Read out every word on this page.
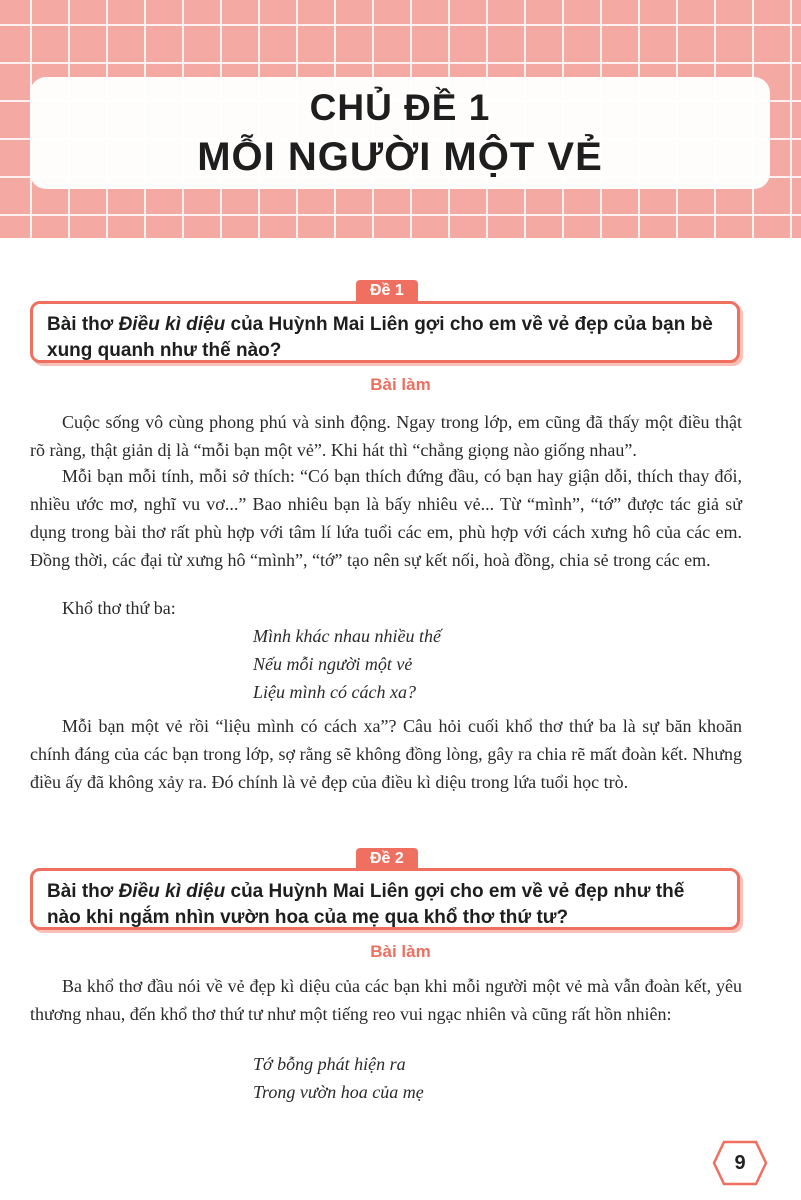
CHỦ ĐỀ 1
MỖI NGƯỜI MỘT VẺ
Đề 1
Bài thơ Điều kì diệu của Huỳnh Mai Liên gợi cho em về vẻ đẹp của bạn bè xung quanh như thế nào?
Bài làm

Cuộc sống vô cùng phong phú và sinh động. Ngay trong lớp, em cũng đã thấy một điều thật rõ ràng, thật giản dị là “mỗi bạn một vẻ”. Khi hát thì “chẳng giọng nào giống nhau”.

Mỗi bạn mỗi tính, mỗi sở thích: “Có bạn thích đứng đầu, có bạn hay giận dỗi, thích thay đổi, nhiều ước mơ, nghĩ vu vơ...” Bao nhiêu bạn là bấy nhiêu vẻ... Từ “mình”, “tớ” được tác giả sử dụng trong bài thơ rất phù hợp với tâm lí lứa tuổi các em, phù hợp với cách xưng hô của các em. Đồng thời, các đại từ xưng hô “mình”, “tớ” tạo nên sự kết nối, hoà đồng, chia sẻ trong các em.

Khổ thơ thứ ba:

Mình khác nhau nhiều thế

Nếu mỗi người một vẻ

Liệu mình có cách xa?

Mỗi bạn một vẻ rồi “liệu mình có cách xa”? Câu hỏi cuối khổ thơ thứ ba là sự băn khoăn chính đáng của các bạn trong lớp, sợ rằng sẽ không đồng lòng, gây ra chia rẽ mất đoàn kết. Nhưng điều ấy đã không xảy ra. Đó chính là vẻ đẹp của điều kì diệu trong lứa tuổi học trò.

Đề 2
Bài thơ Điều kì diệu của Huỳnh Mai Liên gợi cho em về vẻ đẹp như thế nào khi ngắm nhìn vườn hoa của mẹ qua khổ thơ thứ tư?
Bài làm

Ba khổ thơ đầu nói về vẻ đẹp kì diệu của các bạn khi mỗi người một vẻ mà vẫn đoàn kết, yêu thương nhau, đến khổ thơ thứ tư như một tiếng reo vui ngạc nhiên và cũng rất hồn nhiên:

Tớ bỗng phát hiện ra

Trong vườn hoa của mẹ

9
